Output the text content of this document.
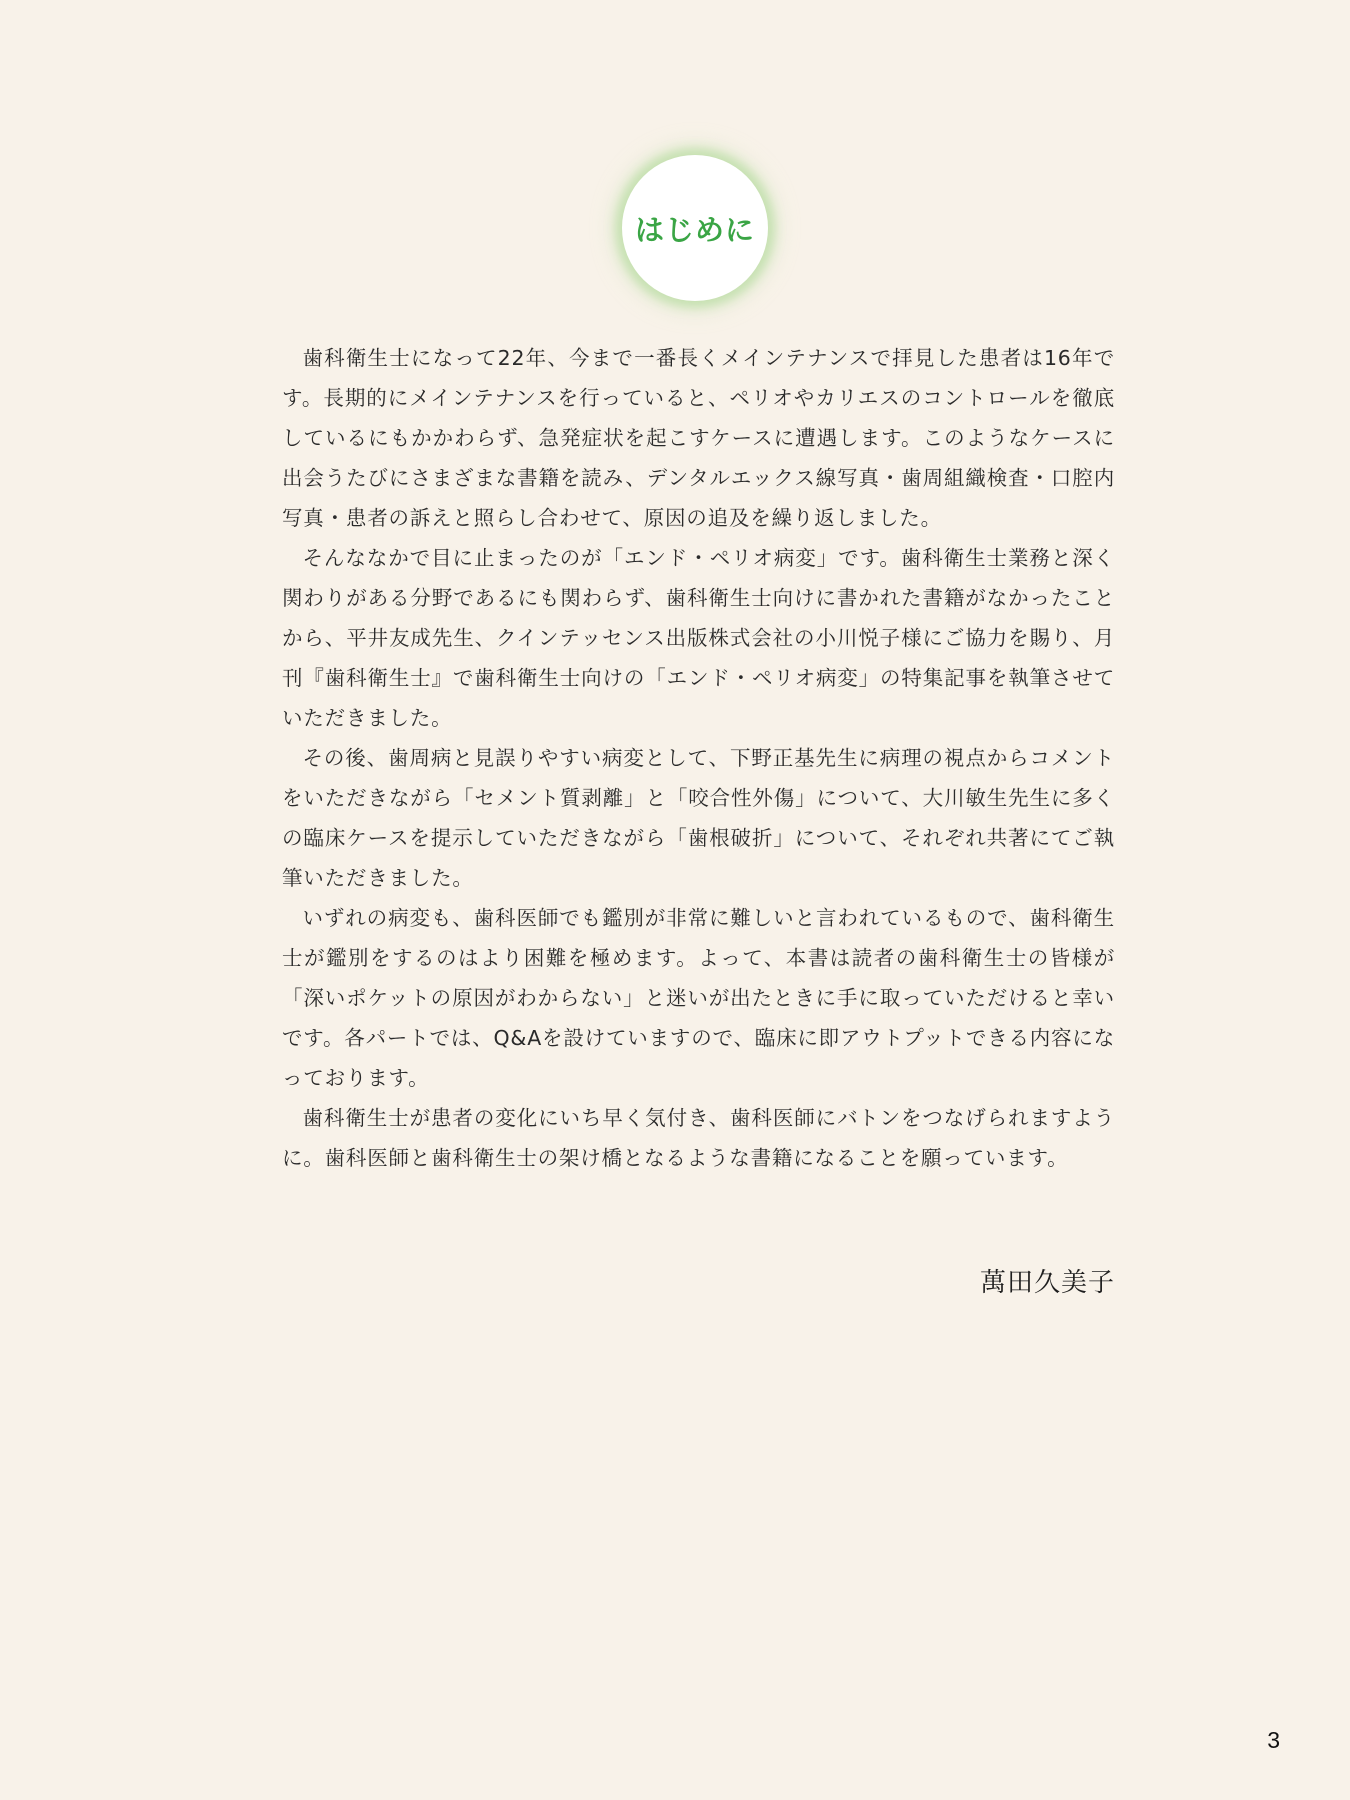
はじめに

歯科衛生士になって22年、今まで一番長くメインテナンスで拝見した患者は16年です。長期的にメインテナンスを行っていると、ペリオやカリエスのコントロールを徹底しているにもかかわらず、急発症状を起こすケースに遭遇します。このようなケースに出会うたびにさまざまな書籍を読み、デンタルエックス線写真・歯周組織検査・口腔内写真・患者の訴えと照らし合わせて、原因の追及を繰り返しました。

そんななかで目に止まったのが「エンド・ペリオ病変」です。歯科衛生士業務と深く関わりがある分野であるにも関わらず、歯科衛生士向けに書かれた書籍がなかったことから、平井友成先生、クインテッセンス出版株式会社の小川悦子様にご協力を賜り、月刊『歯科衛生士』で歯科衛生士向けの「エンド・ペリオ病変」の特集記事を執筆させていただきました。

その後、歯周病と見誤りやすい病変として、下野正基先生に病理の視点からコメントをいただきながら「セメント質剥離」と「咬合性外傷」について、大川敏生先生に多くの臨床ケースを提示していただきながら「歯根破折」について、それぞれ共著にてご執筆いただきました。

いずれの病変も、歯科医師でも鑑別が非常に難しいと言われているもので、歯科衛生士が鑑別をするのはより困難を極めます。よって、本書は読者の歯科衛生士の皆様が「深いポケットの原因がわからない」と迷いが出たときに手に取っていただけると幸いです。各パートでは、Q&Aを設けていますので、臨床に即アウトプットできる内容になっております。

歯科衛生士が患者の変化にいち早く気付き、歯科医師にバトンをつなげられますように。歯科医師と歯科衛生士の架け橋となるような書籍になることを願っています。

萬田久美子
3
